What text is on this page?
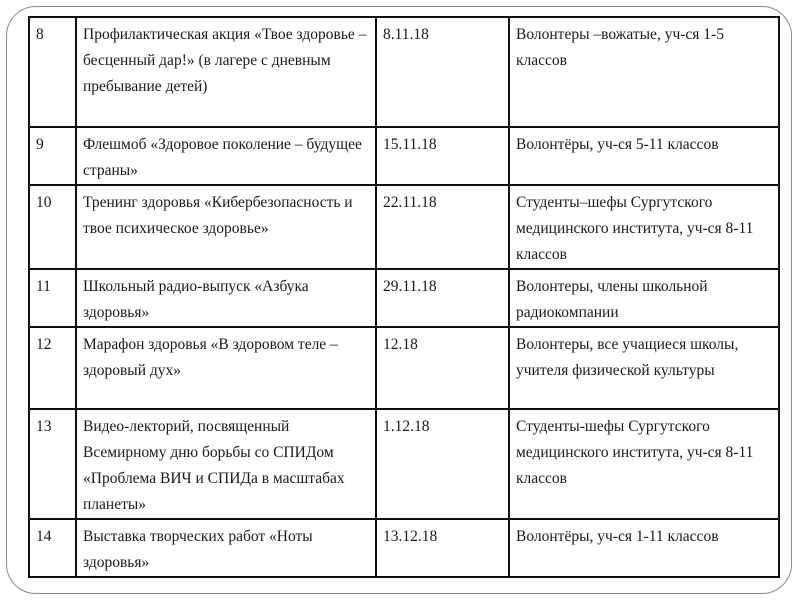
8	Профилактическая акция «Твое здоровье – бесценный дар!» (в лагере с дневным пребывание детей)	8.11.18	Волонтеры –вожатые, уч-ся 1-5 классов
9	Флешмоб «Здоровое поколение – будущее страны»	15.11.18	Волонтёры, уч-ся 5-11 классов
10	Тренинг здоровья «Кибербезопасность и твое психическое здоровье»	22.11.18	Студенты–шефы Сургутского медицинского института, уч-ся 8-11 классов
11	Школьный радио-выпуск «Азбука здоровья»	29.11.18	Волонтеры, члены школьной радиокомпании
12	Марафон здоровья «В здоровом теле – здоровый дух»	12.18	Волонтеры, все учащиеся школы, учителя физической культуры
13	Видео-лекторий, посвященный Всемирному дню борьбы со СПИДом «Проблема ВИЧ и СПИДа в масштабах планеты»	1.12.18	Студенты-шефы Сургутского медицинского института, уч-ся 8-11 классов
14	Выставка творческих работ «Ноты здоровья»	13.12.18	Волонтёры, уч-ся 1-11 классов
